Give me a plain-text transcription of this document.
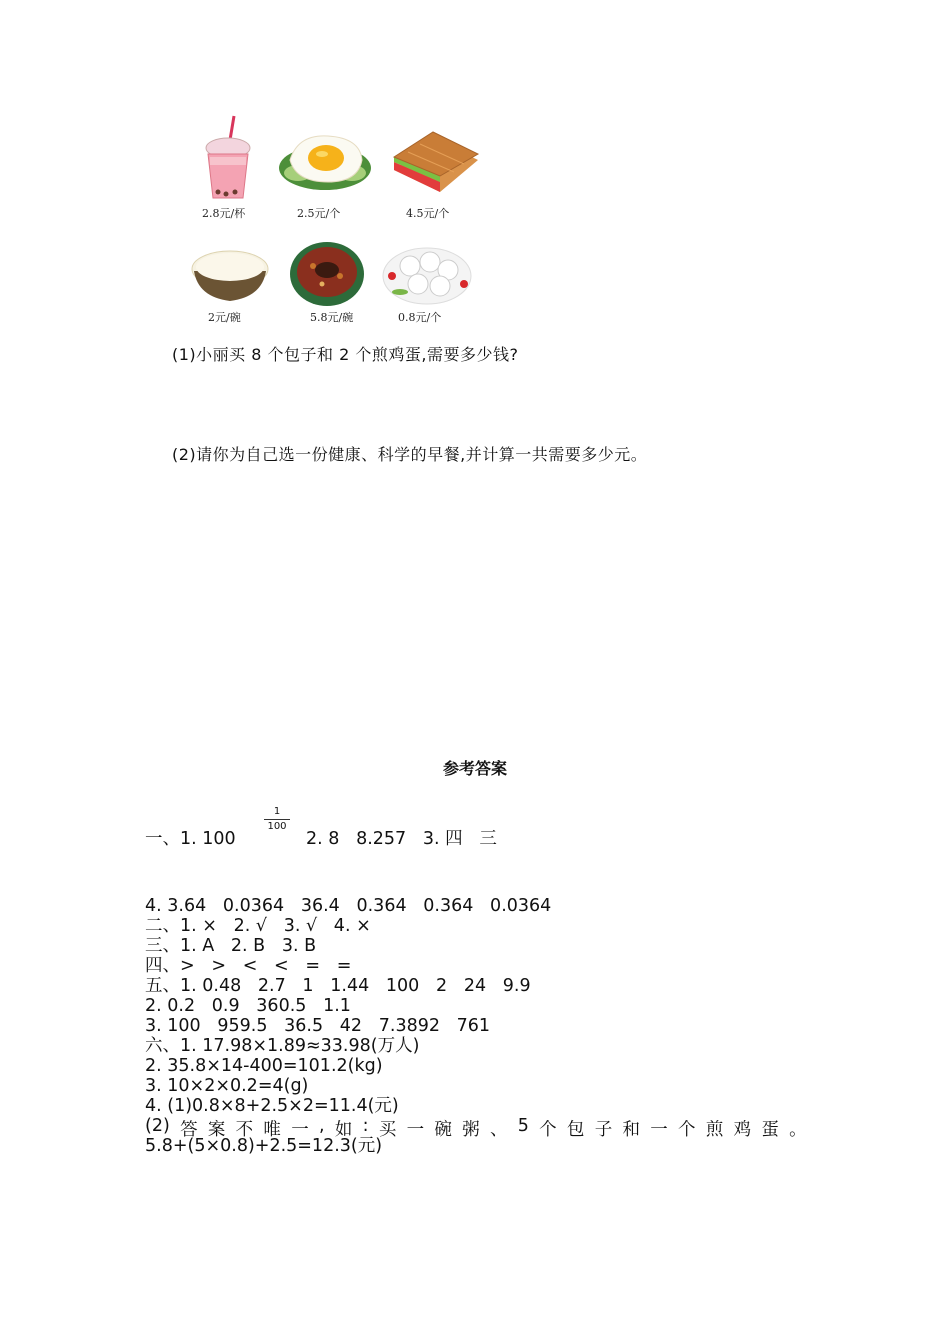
2.8元/杯	2.5元/个	4.5元/个
2元/碗	5.8元/碗	0.8元/个
(1)小丽买 8 个包子和 2 个煎鸡蛋,需要多少钱?
(2)请你为自己选一份健康、科学的早餐,并计算一共需要多少元。
参考答案
一、1. 100
1
100
2. 8   8.257   3. 四   三
4. 3.64   0.0364   36.4   0.364   0.364   0.0364
二、1. ×   2. √   3. √   4. ×
三、1. A   2. B   3. B
四、>   >   <   <   =   =
五、1. 0.48   2.7   1   1.44   100   2   24   9.9
2. 0.2   0.9   360.5   1.1
3. 100   959.5   36.5   42   7.3892   761
六、1. 17.98×1.89≈33.98(万人)
2. 35.8×14-400=101.2(kg)
3. 10×2×0.2=4(g)
4. (1)0.8×8+2.5×2=11.4(元)
(2) 答 案 不 唯 一 , 如 : 买 一 碗 粥 、 5 个 包 子 和 一 个 煎 鸡 蛋 。
5.8+(5×0.8)+2.5=12.3(元)
